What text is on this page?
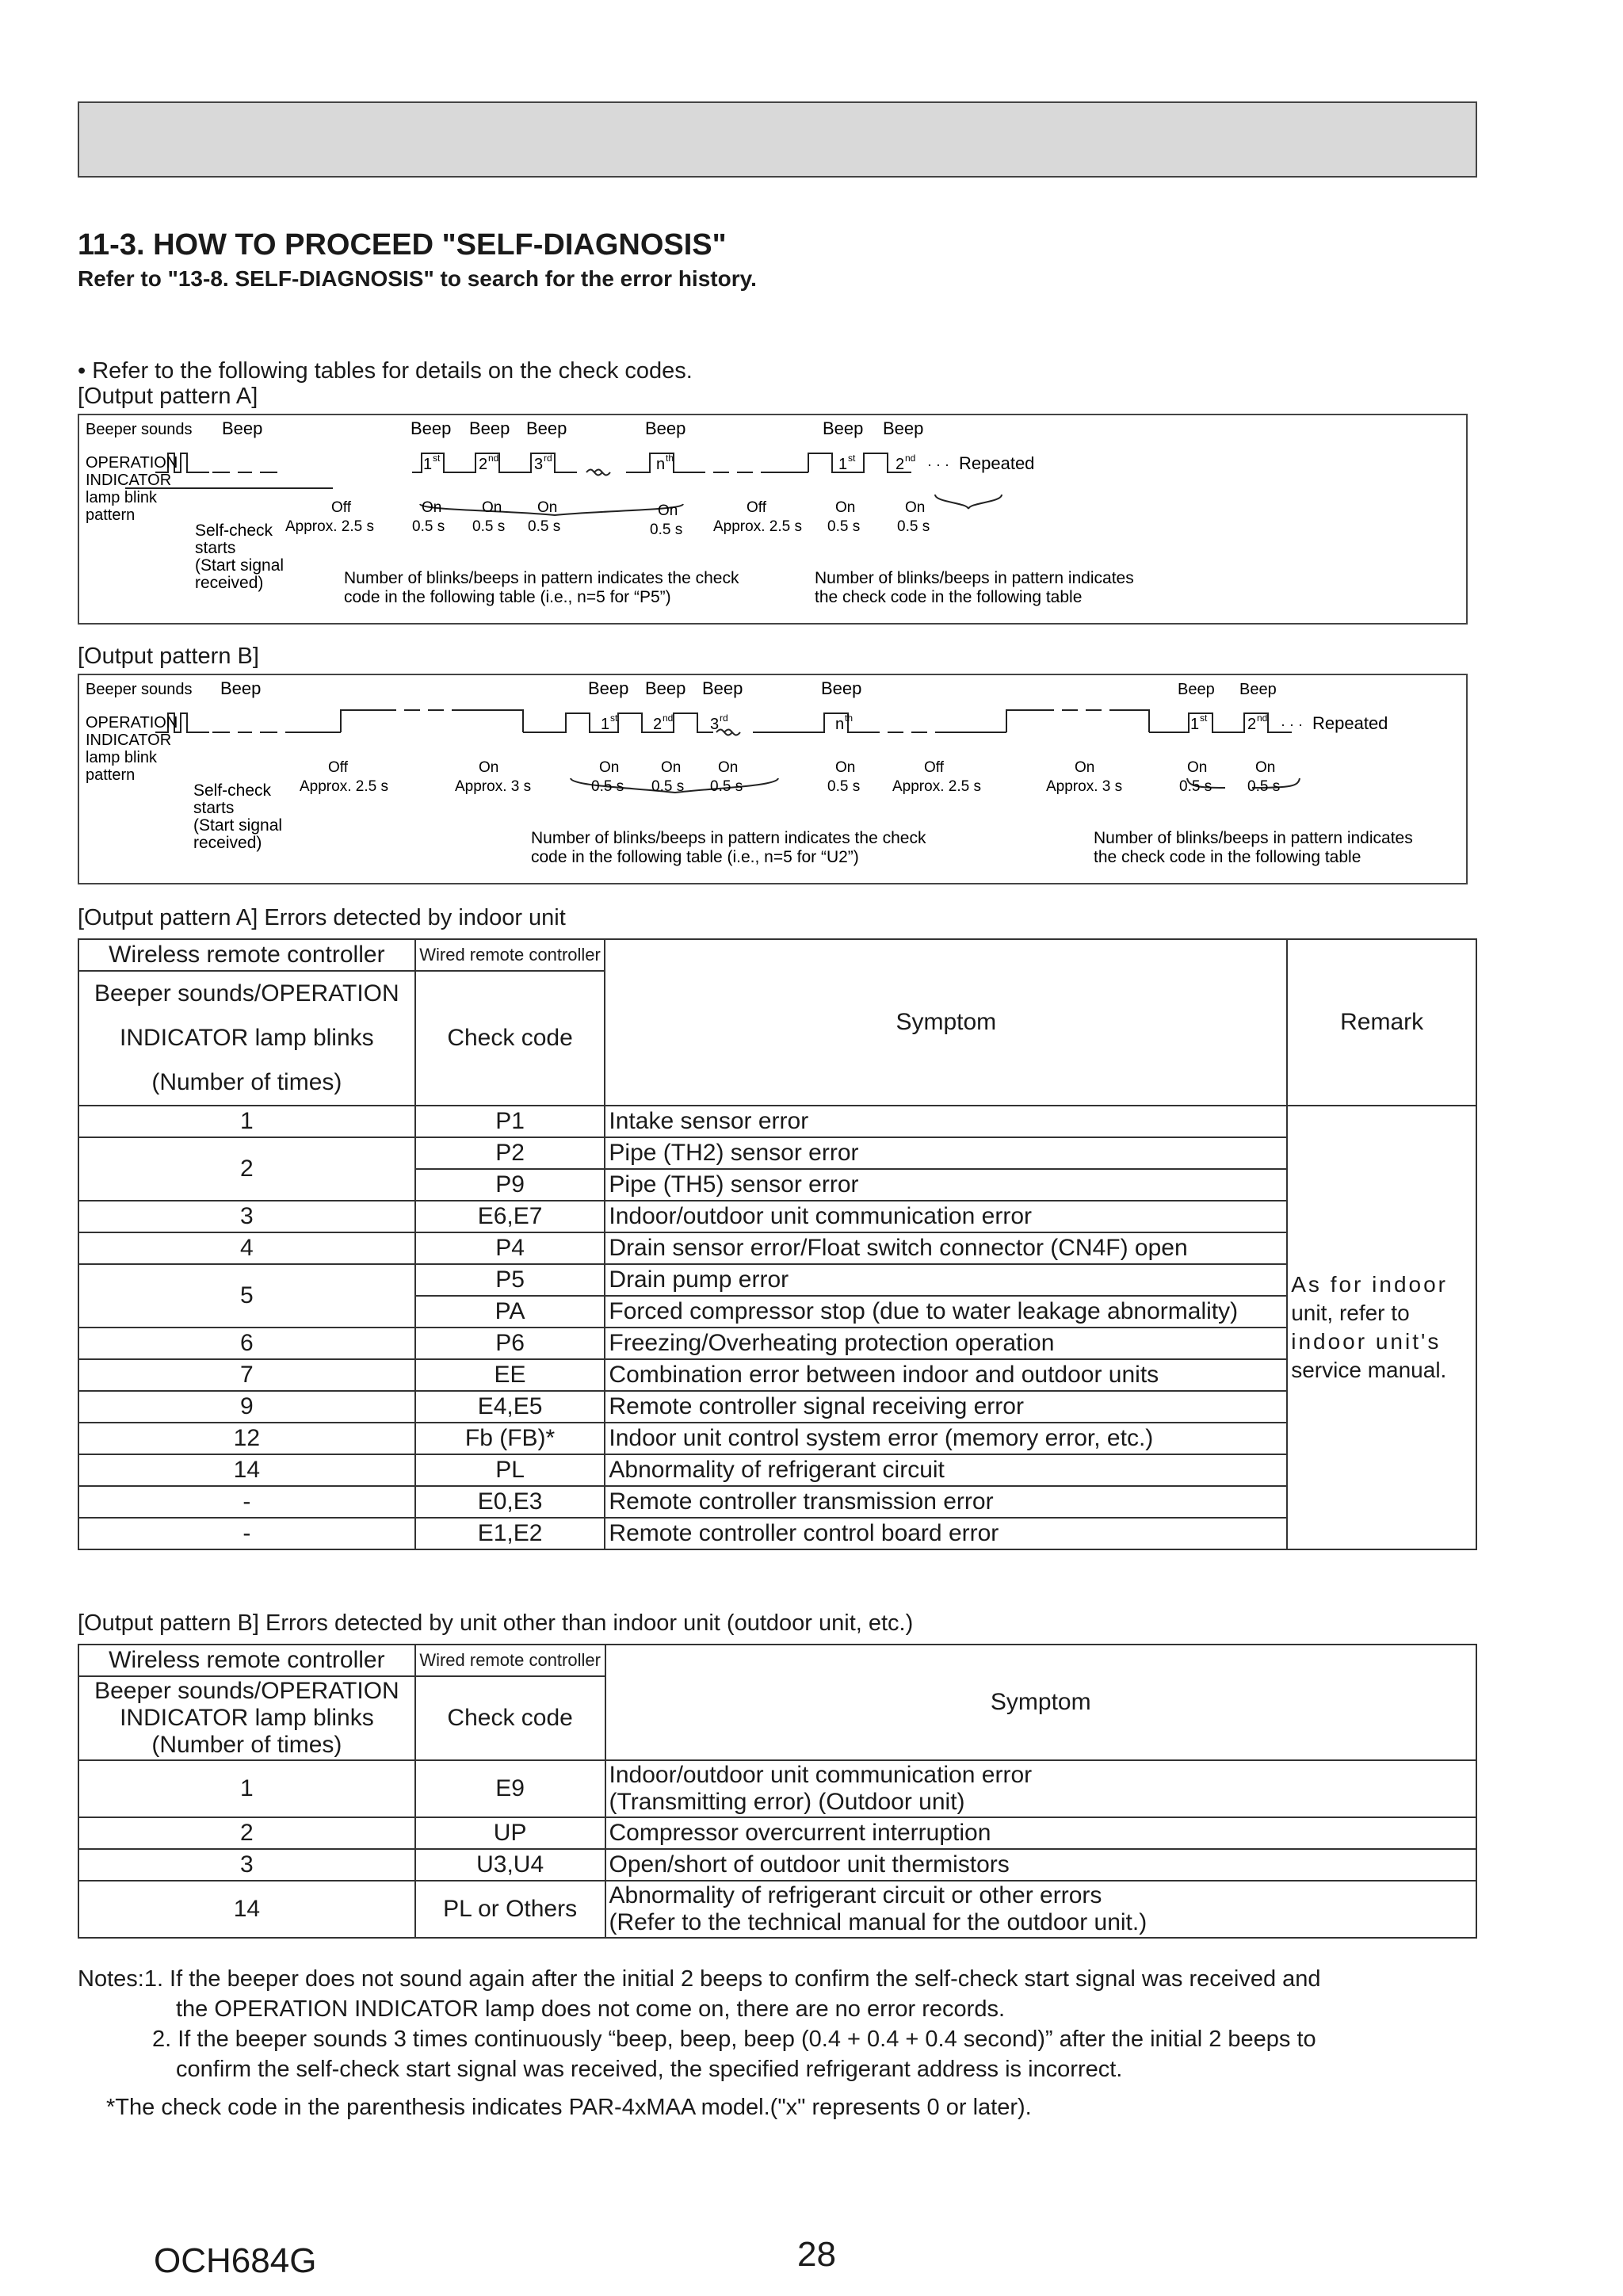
11-3. HOW TO PROCEED "SELF-DIAGNOSIS"
Refer to "13-8. SELF-DIAGNOSIS" to search for the error history.
• Refer to the following tables for details on the check codes.
[Output pattern A]
Beeper sounds Beep	Beep Beep Beep	Beep	Beep Beep
OPERATION
INDICATOR
lamp blink
pattern
1 st 2 nd 3 rd	n th	1 st	2 nd · · · Repeated
Off
Approx. 2.5 s
On
0.5 s
On
0.5 s
On
0.5 s
On
0.5 s
Off
Approx. 2.5 s
On
0.5 s
On
0.5 s
Self-check
starts
(Start signal
received)	Number of blinks/beeps in pattern indicates the check
code in the following table (i.e., n=5 for “P5”)
Number of blinks/beeps in pattern indicates
the check code in the following table
[Output pattern B]
Beeper sounds Beep	Beep Beep Beep	Beep	Beep Beep
OPERATION
INDICATOR
lamp blink
pattern
1 st 2 nd 3 rd	n th	1 st	2 nd · · · Repeated
Off
Approx. 2.5 s
On
Approx. 3 s
On
0.5 s
On
0.5 s
On
0.5 s
On
0.5 s
Off
Approx. 2.5 s
On
Approx. 3 s
On
0.5 s
On
0.5 s
Self-check
starts
(Start signal
received)	Number of blinks/beeps in pattern indicates the check
code in the following table (i.e., n=5 for “U2”)
Number of blinks/beeps in pattern indicates
the check code in the following table
[Output pattern A] Errors detected by indoor unit
Wireless remote controller	Wired remote controller	Symptom	Remark

Beeper sounds/OPERATION
INDICATOR lamp blinks
(Number of times)	Check code		
1	P1	Intake sensor error	As for indoor
unit, refer to
indoor unit's
service manual.

2	P2	Pipe (TH2) sensor error	
	P9	Pipe (TH5) sensor error	
3	E6,E7	Indoor/outdoor unit communication error	
4	P4	Drain sensor error/Float switch connector (CN4F) open	
5	P5	Drain pump error	
	PA	Forced compressor stop (due to water leakage abnormality)	
6	P6	Freezing/Overheating protection operation	
7	EE	Combination error between indoor and outdoor units	
9	E4,E5	Remote controller signal receiving error	
12	Fb (FB)*	Indoor unit control system error (memory error, etc.)	
14	PL	Abnormality of refrigerant circuit	
-	E0,E3	Remote controller transmission error	
-	E1,E2	Remote controller control board error	
[Output pattern B] Errors detected by unit other than indoor unit (outdoor unit, etc.)
Wireless remote controller	Wired remote controller	Symptom

Beeper sounds/OPERATION
INDICATOR lamp blinks
(Number of times)	Check code	
1	E9	Indoor/outdoor unit communication error
(Transmitting error) (Outdoor unit)

2	UP	Compressor overcurrent interruption
3	U3,U4	Open/short of outdoor unit thermistors
14	PL or Others	Abnormality of refrigerant circuit or other errors
(Refer to the technical manual for the outdoor unit.)
Notes:1. If the beeper does not sound again after the initial 2 beeps to confirm the self-check start signal was received and
the OPERATION INDICATOR lamp does not come on, there are no error records.
2. If the beeper sounds 3 times continuously “beep, beep, beep (0.4 + 0.4 + 0.4 second)” after the initial 2 beeps to
confirm the self-check start signal was received, the specified refrigerant address is incorrect.
*The check code in the parenthesis indicates PAR-4xMAA model.("x" represents 0 or later).
OCH684G	28
